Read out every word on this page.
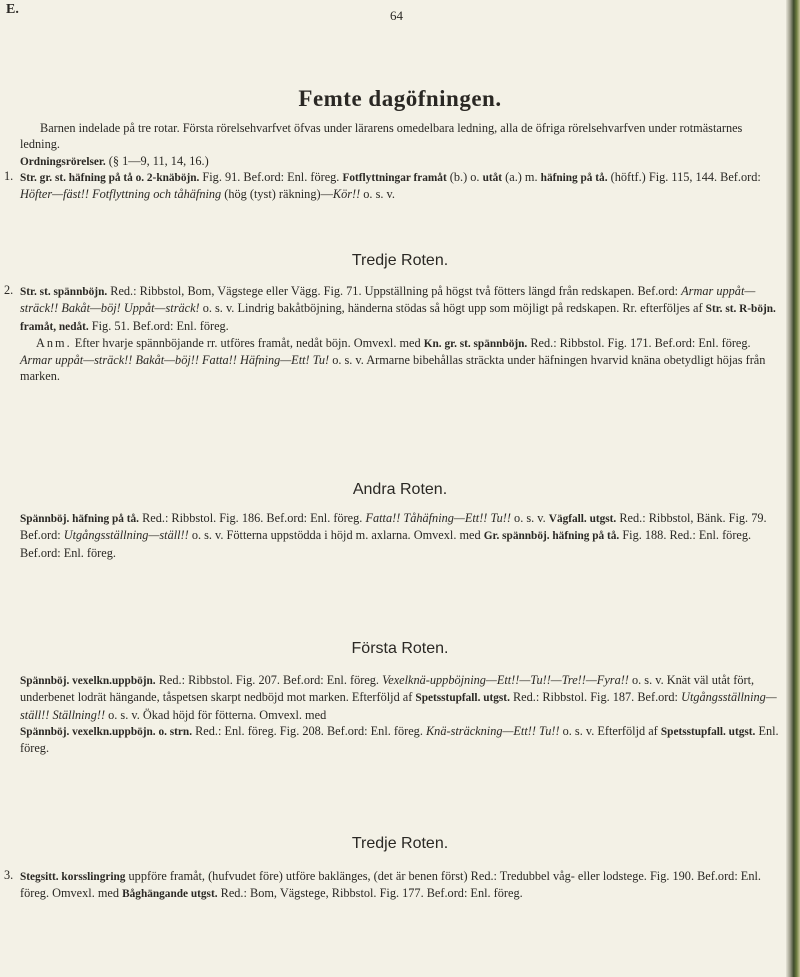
E.	64
Femte dagöfningen.
Barnen indelade på tre rotar. Första rörelsehvarfvet öfvas under lärarens omedelbara ledning, alla de öfriga rörelsehvarfven under rotmästarnes ledning.
Ordningsrörelser. (§ 1—9, 11, 14, 16.)
1. Str. gr. st. häfning på tå o. 2-knäböjn. Fig. 91. Bef.ord: Enl. föreg. Fotflyttningar framåt (b.) o. utåt (a.) m. häfning på tå. (höftf.) Fig. 115, 144. Bef.ord: Höfter—fäst!! Fotflyttning och tåhäfning (hög (tyst) räkning)—Kör!! o. s. v.
Tredje Roten.
2. Str. st. spännböjn. Red.: Ribbstol, Bom, Vägstege eller Vägg. Fig. 71. Uppställning på högst två fötters längd från redskapen. Bef.ord: Armar uppåt—sträck!! Bakåt—böj! Uppåt—sträck! o. s. v. Lindrig bakåtböjning, händerna stödas så högt upp som möjligt på redskapen. Rr. efterföljes af Str. st. R-böjn. framåt, nedåt. Fig. 51. Bef.ord: Enl. föreg.
Anm. Efter hvarje spännböjande rr. utföres framåt, nedåt böjn. Omvexl. med Kn. gr. st. spännböjn. Red.: Ribbstol. Fig. 171. Bef.ord: Enl. föreg. Armar uppåt—sträck!! Bakåt—böj!! Fatta!! Häfning—Ett! Tu! o. s. v. Armarne bibehållas sträckta under häfningen hvarvid knäna obetydligt höjas från marken.
Andra Roten.
Spännböj. häfning på tå. Red.: Ribbstol. Fig. 186. Bef.ord: Enl. föreg. Fatta!! Tåhäfning—Ett!! Tu!! o. s. v. Vägfall. utgst. Red.: Ribbstol, Bänk. Fig. 79. Bef.ord: Utgångsställning—ställ!! o. s. v. Fötterna uppstödda i höjd m. axlarna. Omvexl. med Gr. spännböj. häfning på tå. Fig. 188. Red.: Enl. föreg. Bef.ord: Enl. föreg.
Första Roten.
Spännböj. vexelkn.uppböjn. Red.: Ribbstol. Fig. 207. Bef.ord: Enl. föreg. Vexelknä-uppböjning—Ett!!—Tu!!—Tre!!—Fyra!! o. s. v. Knät väl utåt fört, underbenet lodrät hängande, tåspetsen skarpt nedböjd mot marken. Efterföljd af Spetsstupfall. utgst. Red.: Ribbstol. Fig. 187. Bef.ord: Utgångsställning—ställ!! Ställning!! o. s. v. Ökad höjd för fötterna. Omvexl. med
Spännböj. vexelkn.uppböjn. o. strn. Red.: Enl. föreg. Fig. 208. Bef.ord: Enl. föreg. Knä-sträckning—Ett!! Tu!! o. s. v. Efterföljd af Spetsstupfall. utgst. Enl. föreg.
Tredje Roten.
3. Stegsitt. korsslingring uppföre framåt, (hufvudet före) utföre baklänges, (det är benen först) Red.: Tredubbel våg- eller lodstege. Fig. 190. Bef.ord: Enl. föreg. Omvexl. med Båghängande utgst. Red.: Bom, Vägstege, Ribbstol. Fig. 177. Bef.ord: Enl. föreg.
